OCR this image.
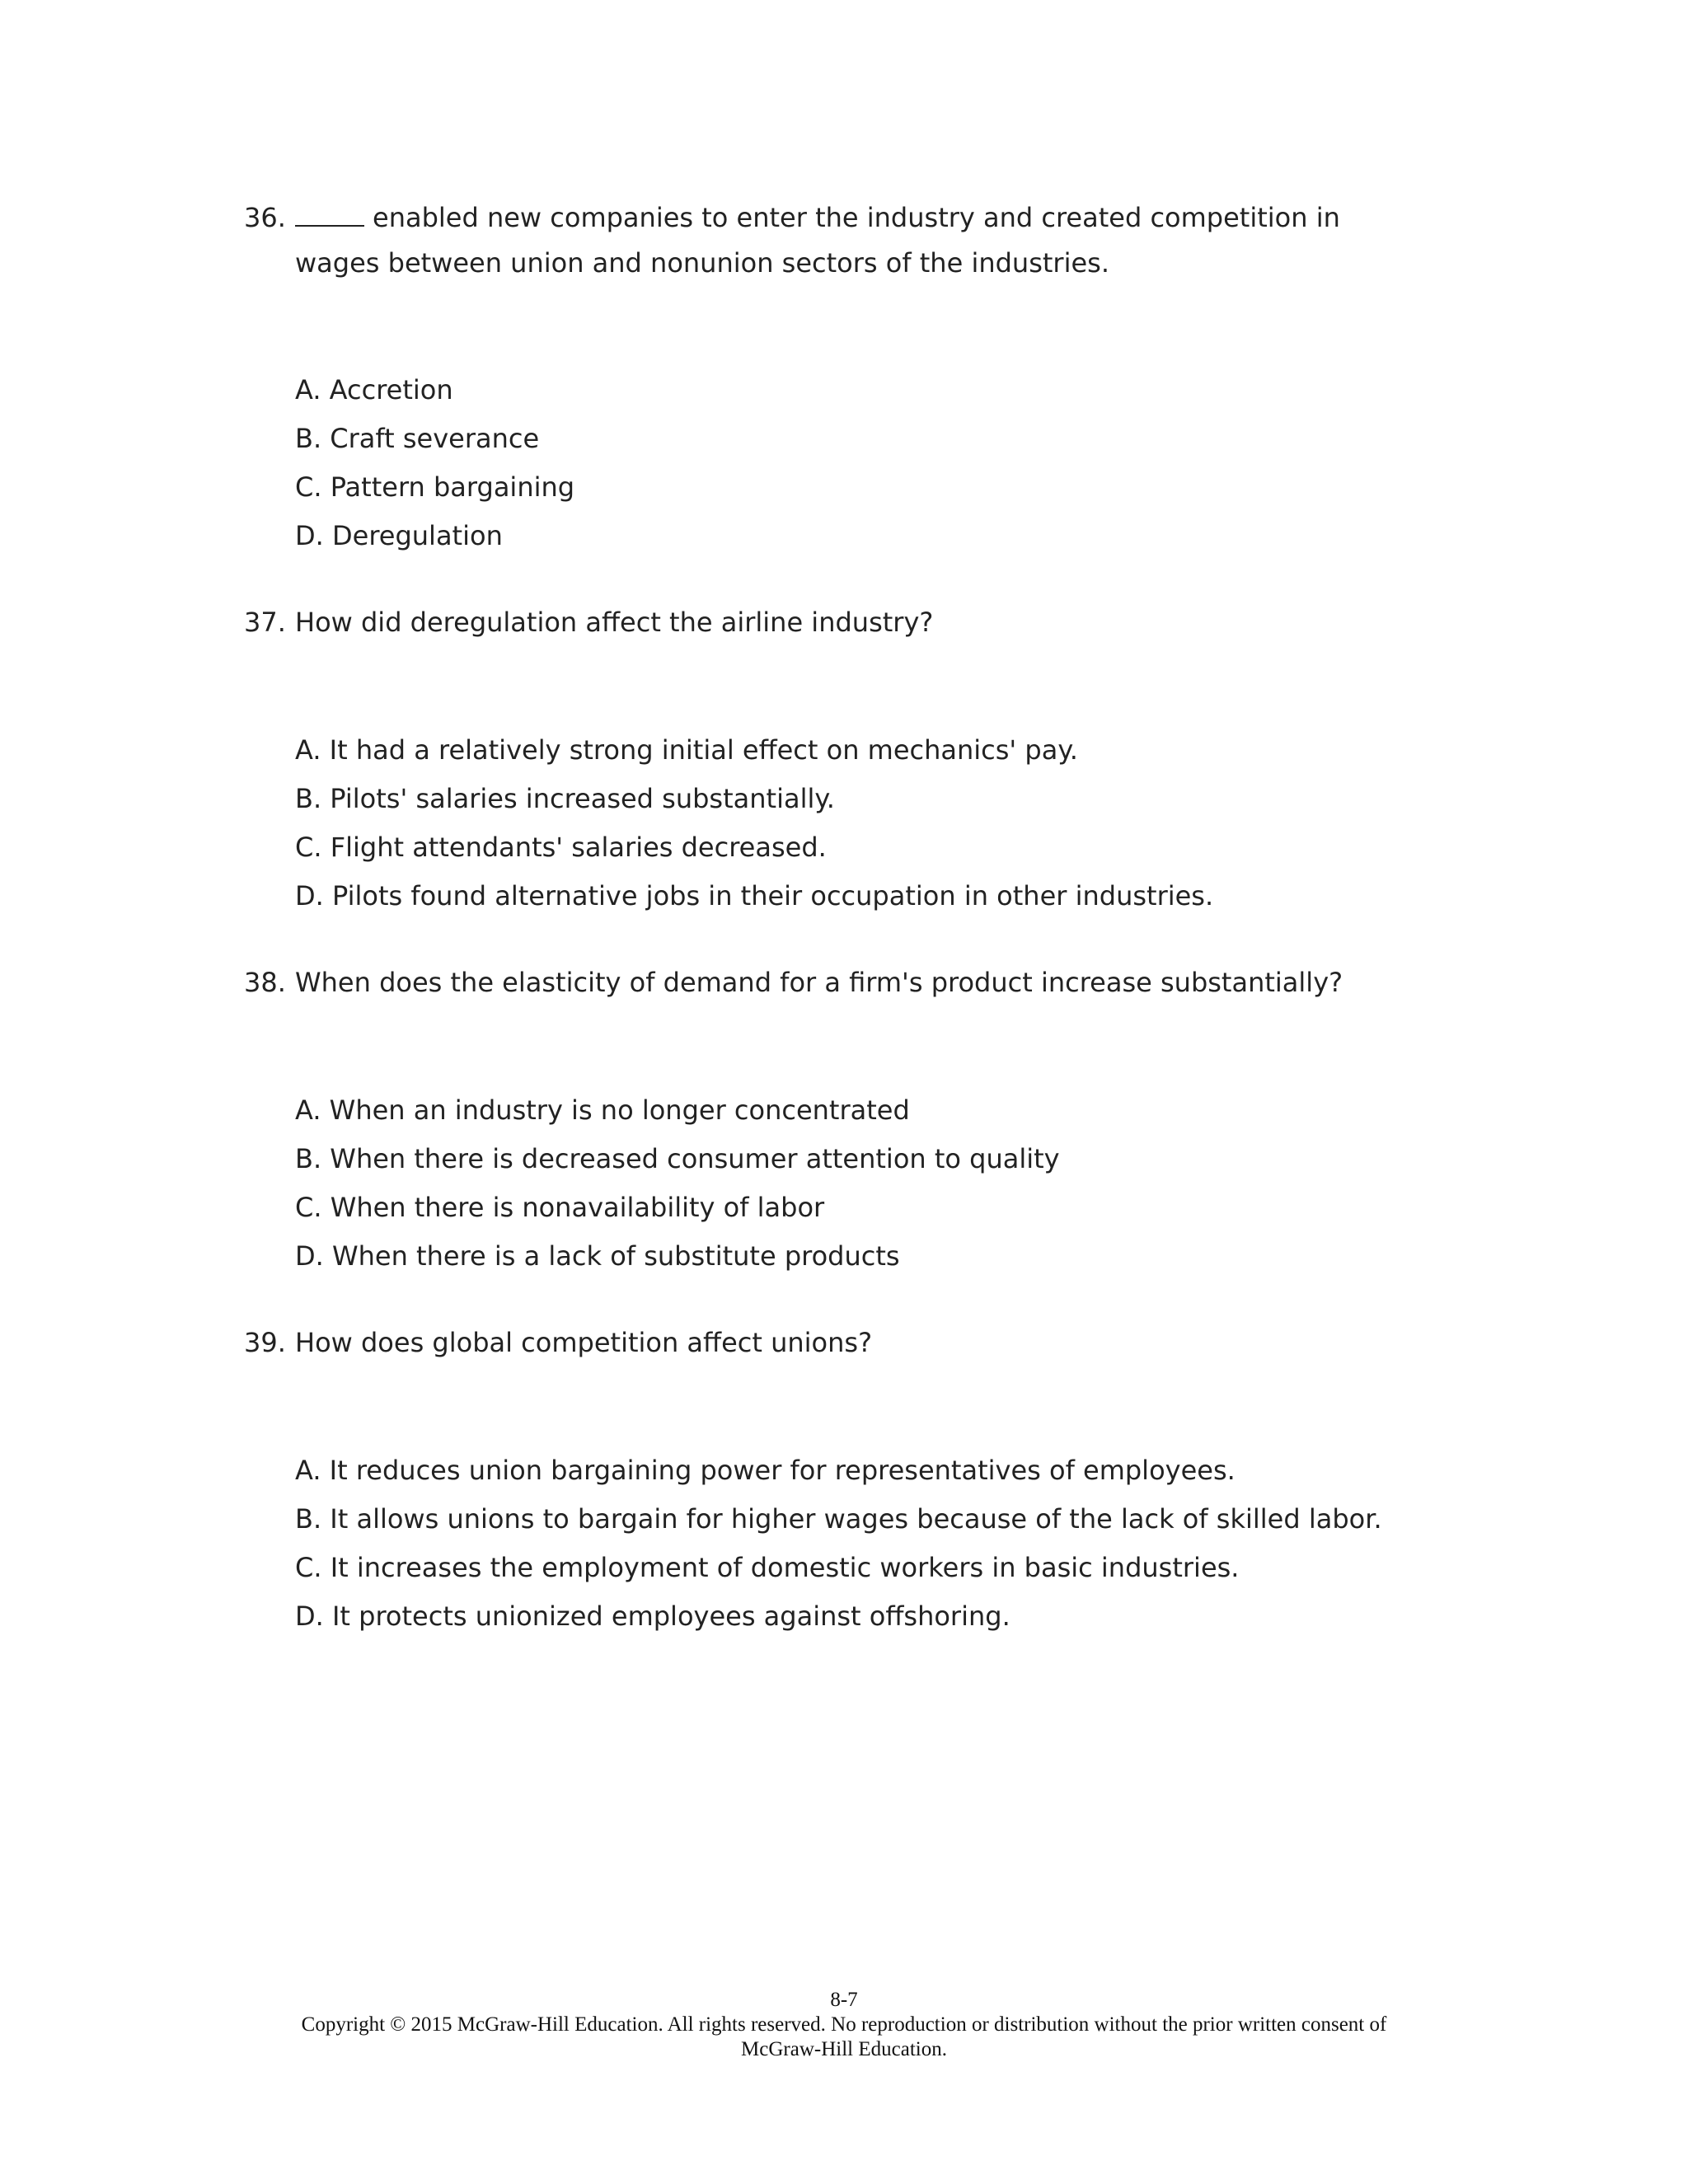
36.	enabled new companies to enter the industry and created competition in wages between union and nonunion sectors of the industries.
A. Accretion
B. Craft severance
C. Pattern bargaining
D. Deregulation
37. How did deregulation affect the airline industry?
A. It had a relatively strong initial effect on mechanics' pay.
B. Pilots' salaries increased substantially.
C. Flight attendants' salaries decreased.
D. Pilots found alternative jobs in their occupation in other industries.
38. When does the elasticity of demand for a firm's product increase substantially?
A. When an industry is no longer concentrated
B. When there is decreased consumer attention to quality
C. When there is nonavailability of labor
D. When there is a lack of substitute products
39. How does global competition affect unions?
A. It reduces union bargaining power for representatives of employees.
B. It allows unions to bargain for higher wages because of the lack of skilled labor.
C. It increases the employment of domestic workers in basic industries.
D. It protects unionized employees against offshoring.
8-7
Copyright © 2015 McGraw-Hill Education. All rights reserved. No reproduction or distribution without the prior written consent of
McGraw-Hill Education.
